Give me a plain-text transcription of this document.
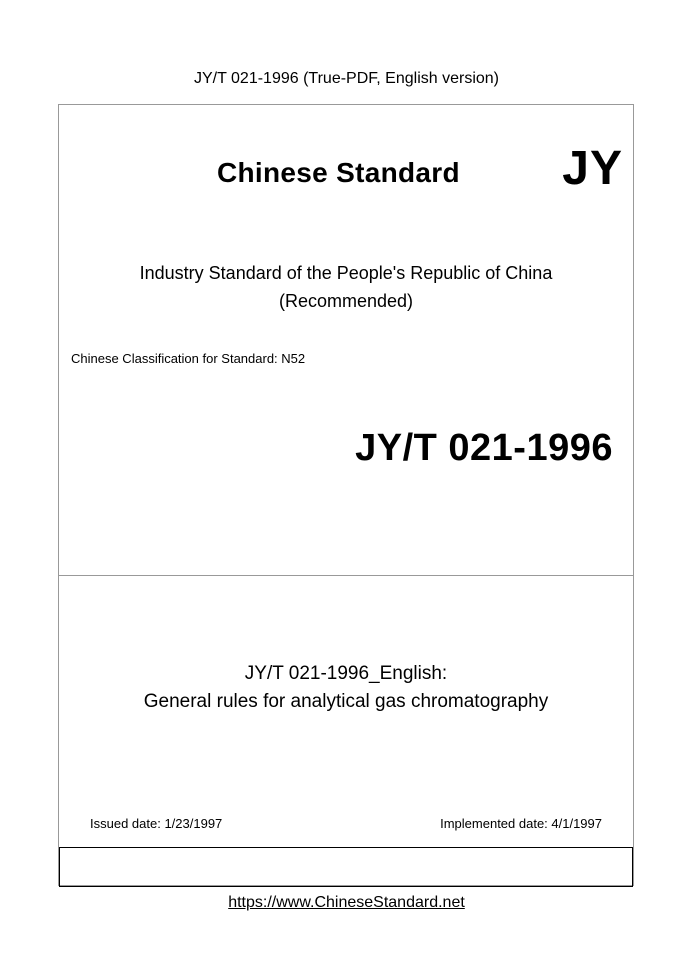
JY/T 021-1996 (True-PDF, English version)
Chinese Standard JY
Industry Standard of the People's Republic of China
(Recommended)
Chinese Classification for Standard: N52
JY/T 021-1996
JY/T 021-1996_English:
General rules for analytical gas chromatography
Issued date: 1/23/1997	Implemented date: 4/1/1997
https://www.ChineseStandard.net
